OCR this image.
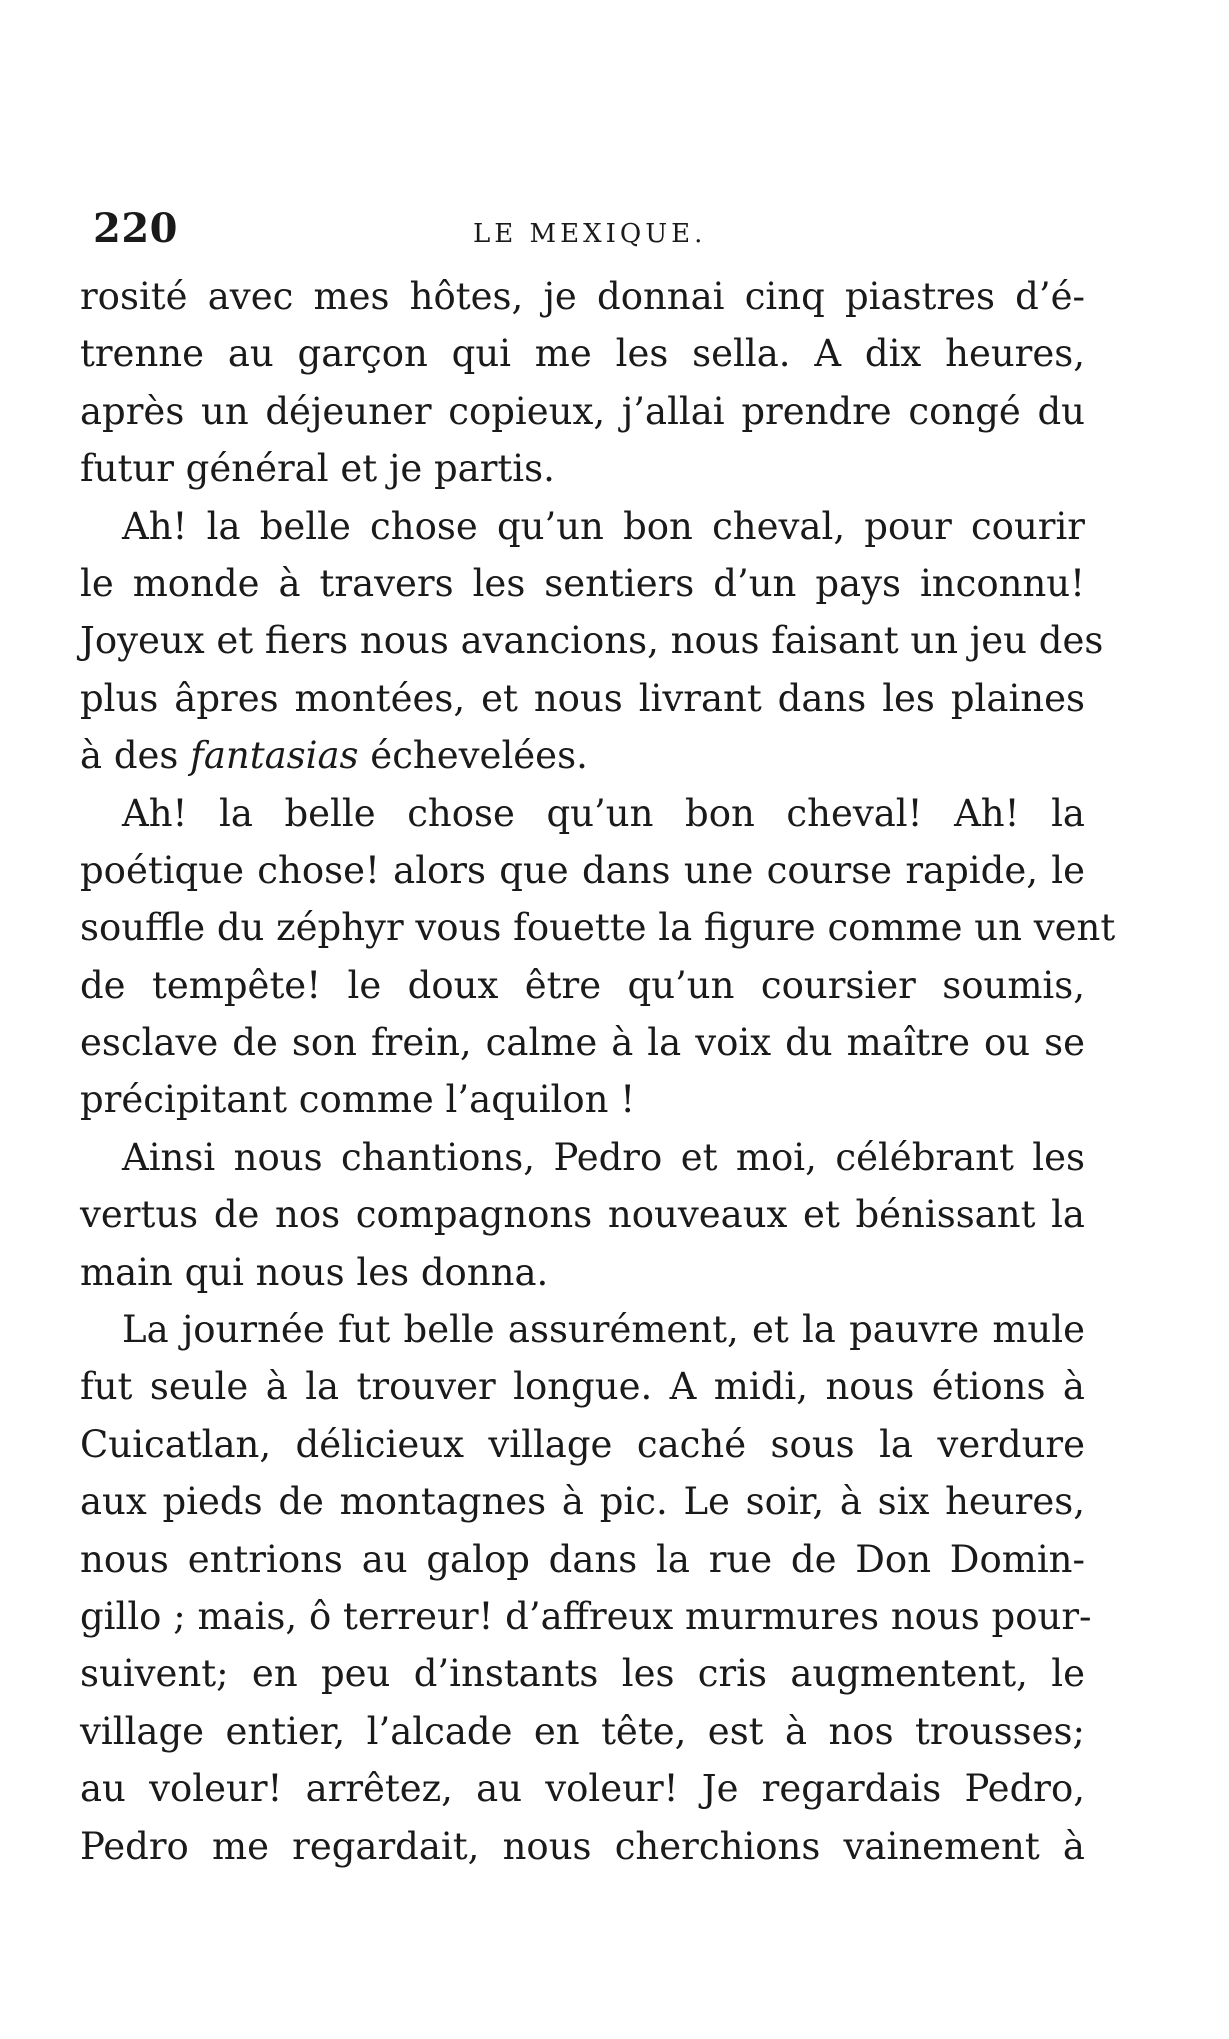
220	LE MEXIQUE.
rosité avec mes hôtes, je donnai cinq piastres d’é-
trenne au garçon qui me les sella. A dix heures,
après un déjeuner copieux, j’allai prendre congé du
futur général et je partis.
Ah! la belle chose qu’un bon cheval, pour courir
le monde à travers les sentiers d’un pays inconnu!
Joyeux et fiers nous avancions, nous faisant un jeu des
plus âpres montées, et nous livrant dans les plaines
à des fantasias échevelées.
Ah! la belle chose qu’un bon cheval! Ah! la
poétique chose! alors que dans une course rapide, le
souffle du zéphyr vous fouette la figure comme un vent
de tempête! le doux être qu’un coursier soumis,
esclave de son frein, calme à la voix du maître ou se
précipitant comme l’aquilon !
Ainsi nous chantions, Pedro et moi, célébrant les
vertus de nos compagnons nouveaux et bénissant la
main qui nous les donna.
La journée fut belle assurément, et la pauvre mule
fut seule à la trouver longue. A midi, nous étions à
Cuicatlan, délicieux village caché sous la verdure
aux pieds de montagnes à pic. Le soir, à six heures,
nous entrions au galop dans la rue de Don Domin-
gillo ; mais, ô terreur! d’affreux murmures nous pour-
suivent; en peu d’instants les cris augmentent, le
village entier, l’alcade en tête, est à nos trousses;
au voleur! arrêtez, au voleur! Je regardais Pedro,
Pedro me regardait, nous cherchions vainement à
